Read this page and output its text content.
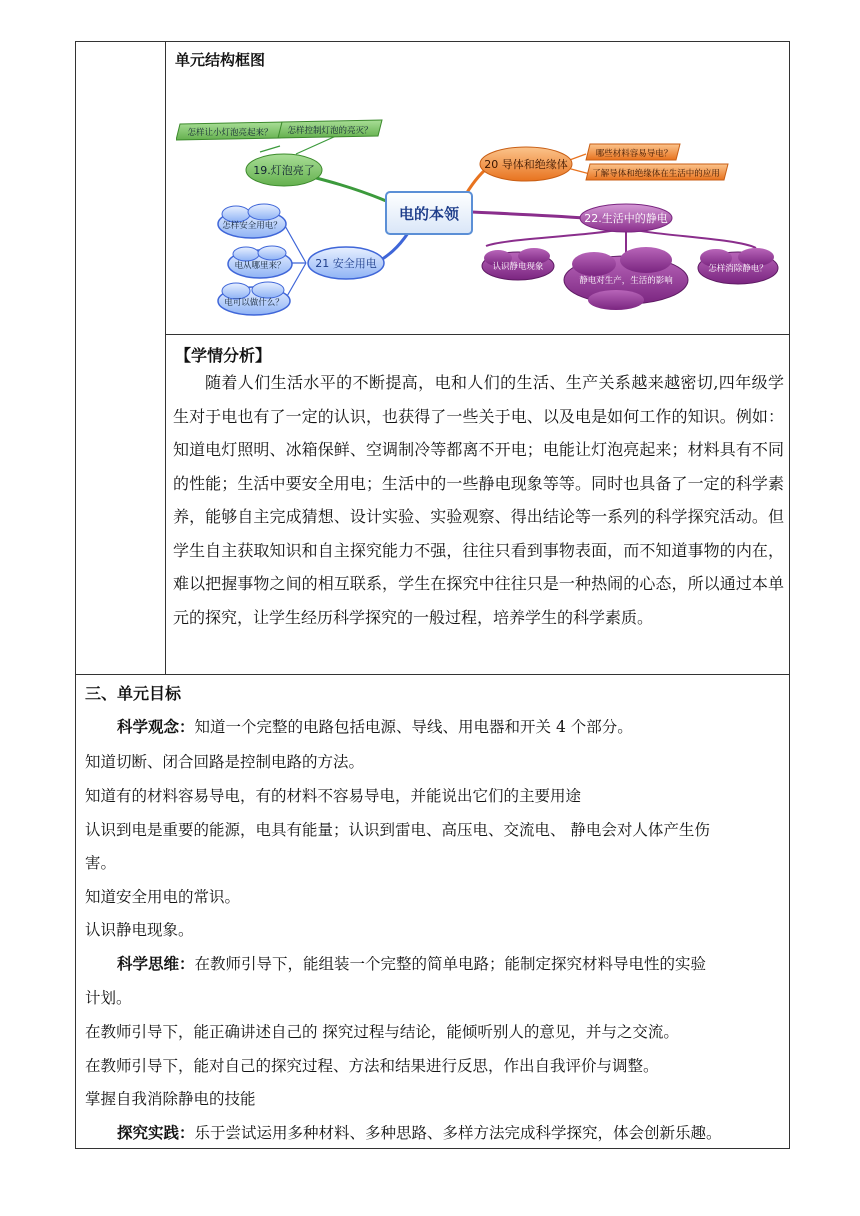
单元结构框图
电的本领
怎样让小灯泡亮起来？ 怎样控制灯泡的亮灭？
19.灯泡亮了	20 导体和绝缘体
哪些材料容易导电？
了解导体和绝缘体在生活中的应用
22.生活中的静电
认识静电现象
静电对生产，生活的影响
怎样消除静电？
21 安全用电
怎样安全用电？
电从哪里来？
电可以做什么？
【学情分析】
随着人们生活水平的不断提高，电和人们的生活、生产关系越来越密切,四年级学生对于电也有了一定的认识，也获得了一些关于电、以及电是如何工作的知识。例如：知道电灯照明、冰箱保鲜、空调制冷等都离不开电；电能让灯泡亮起来；材料具有不同的性能；生活中要安全用电；生活中的一些静电现象等等。同时也具备了一定的科学素养，能够自主完成猜想、设计实验、实验观察、得出结论等一系列的科学探究活动。但学生自主获取知识和自主探究能力不强，往往只看到事物表面，而不知道事物的内在，难以把握事物之间的相互联系，学生在探究中往往只是一种热闹的心态，所以通过本单元的探究，让学生经历科学探究的一般过程，培养学生的科学素质。
三、单元目标
科学观念：知道一个完整的电路包括电源、导线、用电器和开关 4 个部分。
知道切断、闭合回路是控制电路的方法。
知道有的材料容易导电，有的材料不容易导电，并能说出它们的主要用途
认识到电是重要的能源，电具有能量；认识到雷电、高压电、交流电、 静电会对人体产生伤
害。
知道安全用电的常识。
认识静电现象。
科学思维：在教师引导下，能组装一个完整的简单电路；能制定探究材料导电性的实验
计划。
在教师引导下，能正确讲述自己的 探究过程与结论，能倾听别人的意见，并与之交流。
在教师引导下，能对自己的探究过程、方法和结果进行反思，作出自我评价与调整。
掌握自我消除静电的技能
探究实践：乐于尝试运用多种材料、多种思路、多样方法完成科学探究，体会创新乐趣。
